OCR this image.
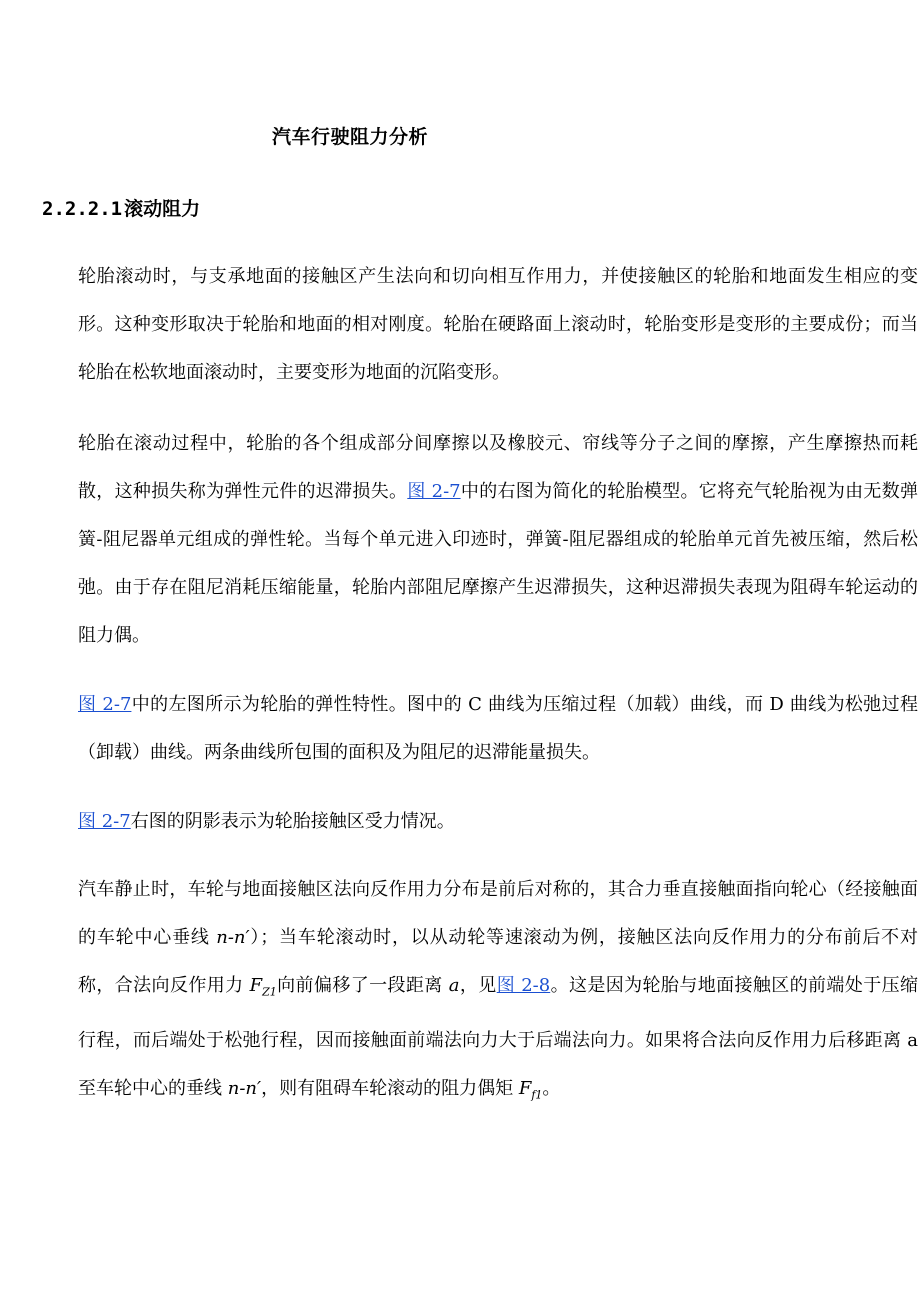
汽车行驶阻力分析
2.2.2.1 滚动阻力

轮胎滚动时，与支承地面的接触区产生法向和切向相互作用力，并使接触区的轮胎和地面发生相应的变形。这种变形取决于轮胎和地面的相对刚度。轮胎在硬路面上滚动时，轮胎变形是变形的主要成份；而当轮胎在松软地面滚动时，主要变形为地面的沉陷变形。

轮胎在滚动过程中，轮胎的各个组成部分间摩擦以及橡胶元、帘线等分子之间的摩擦，产生摩擦热而耗散，这种损失称为弹性元件的迟滞损失。图 2-7中的右图为简化的轮胎模型。它将充气轮胎视为由无数弹簧-阻尼器单元组成的弹性轮。当每个单元进入印迹时，弹簧-阻尼器组成的轮胎单元首先被压缩，然后松弛。由于存在阻尼消耗压缩能量，轮胎内部阻尼摩擦产生迟滞损失，这种迟滞损失表现为阻碍车轮运动的阻力偶。

图 2-7中的左图所示为轮胎的弹性特性。图中的 C 曲线为压缩过程（加载）曲线，而 D 曲线为松弛过程（卸载）曲线。两条曲线所包围的面积及为阻尼的迟滞能量损失。

图 2-7右图的阴影表示为轮胎接触区受力情况。

汽车静止时，车轮与地面接触区法向反作用力分布是前后对称的，其合力垂直接触面指向轮心（经接触面的车轮中心垂线 n-n′）；当车轮滚动时，以从动轮等速滚动为例，接触区法向反作用力的分布前后不对称，合法向反作用力 $F_{Z1}$向前偏移了一段距离 a，见图 2-8。这是因为轮胎与地面接触区的前端处于压缩行程，而后端处于松弛行程，因而接触面前端法向力大于后端法向力。如果将合法向反作用力后移距离 a 至车轮中心的垂线 n-n′，则有阻碍车轮滚动的阻力偶矩 $F_{f1}$。
